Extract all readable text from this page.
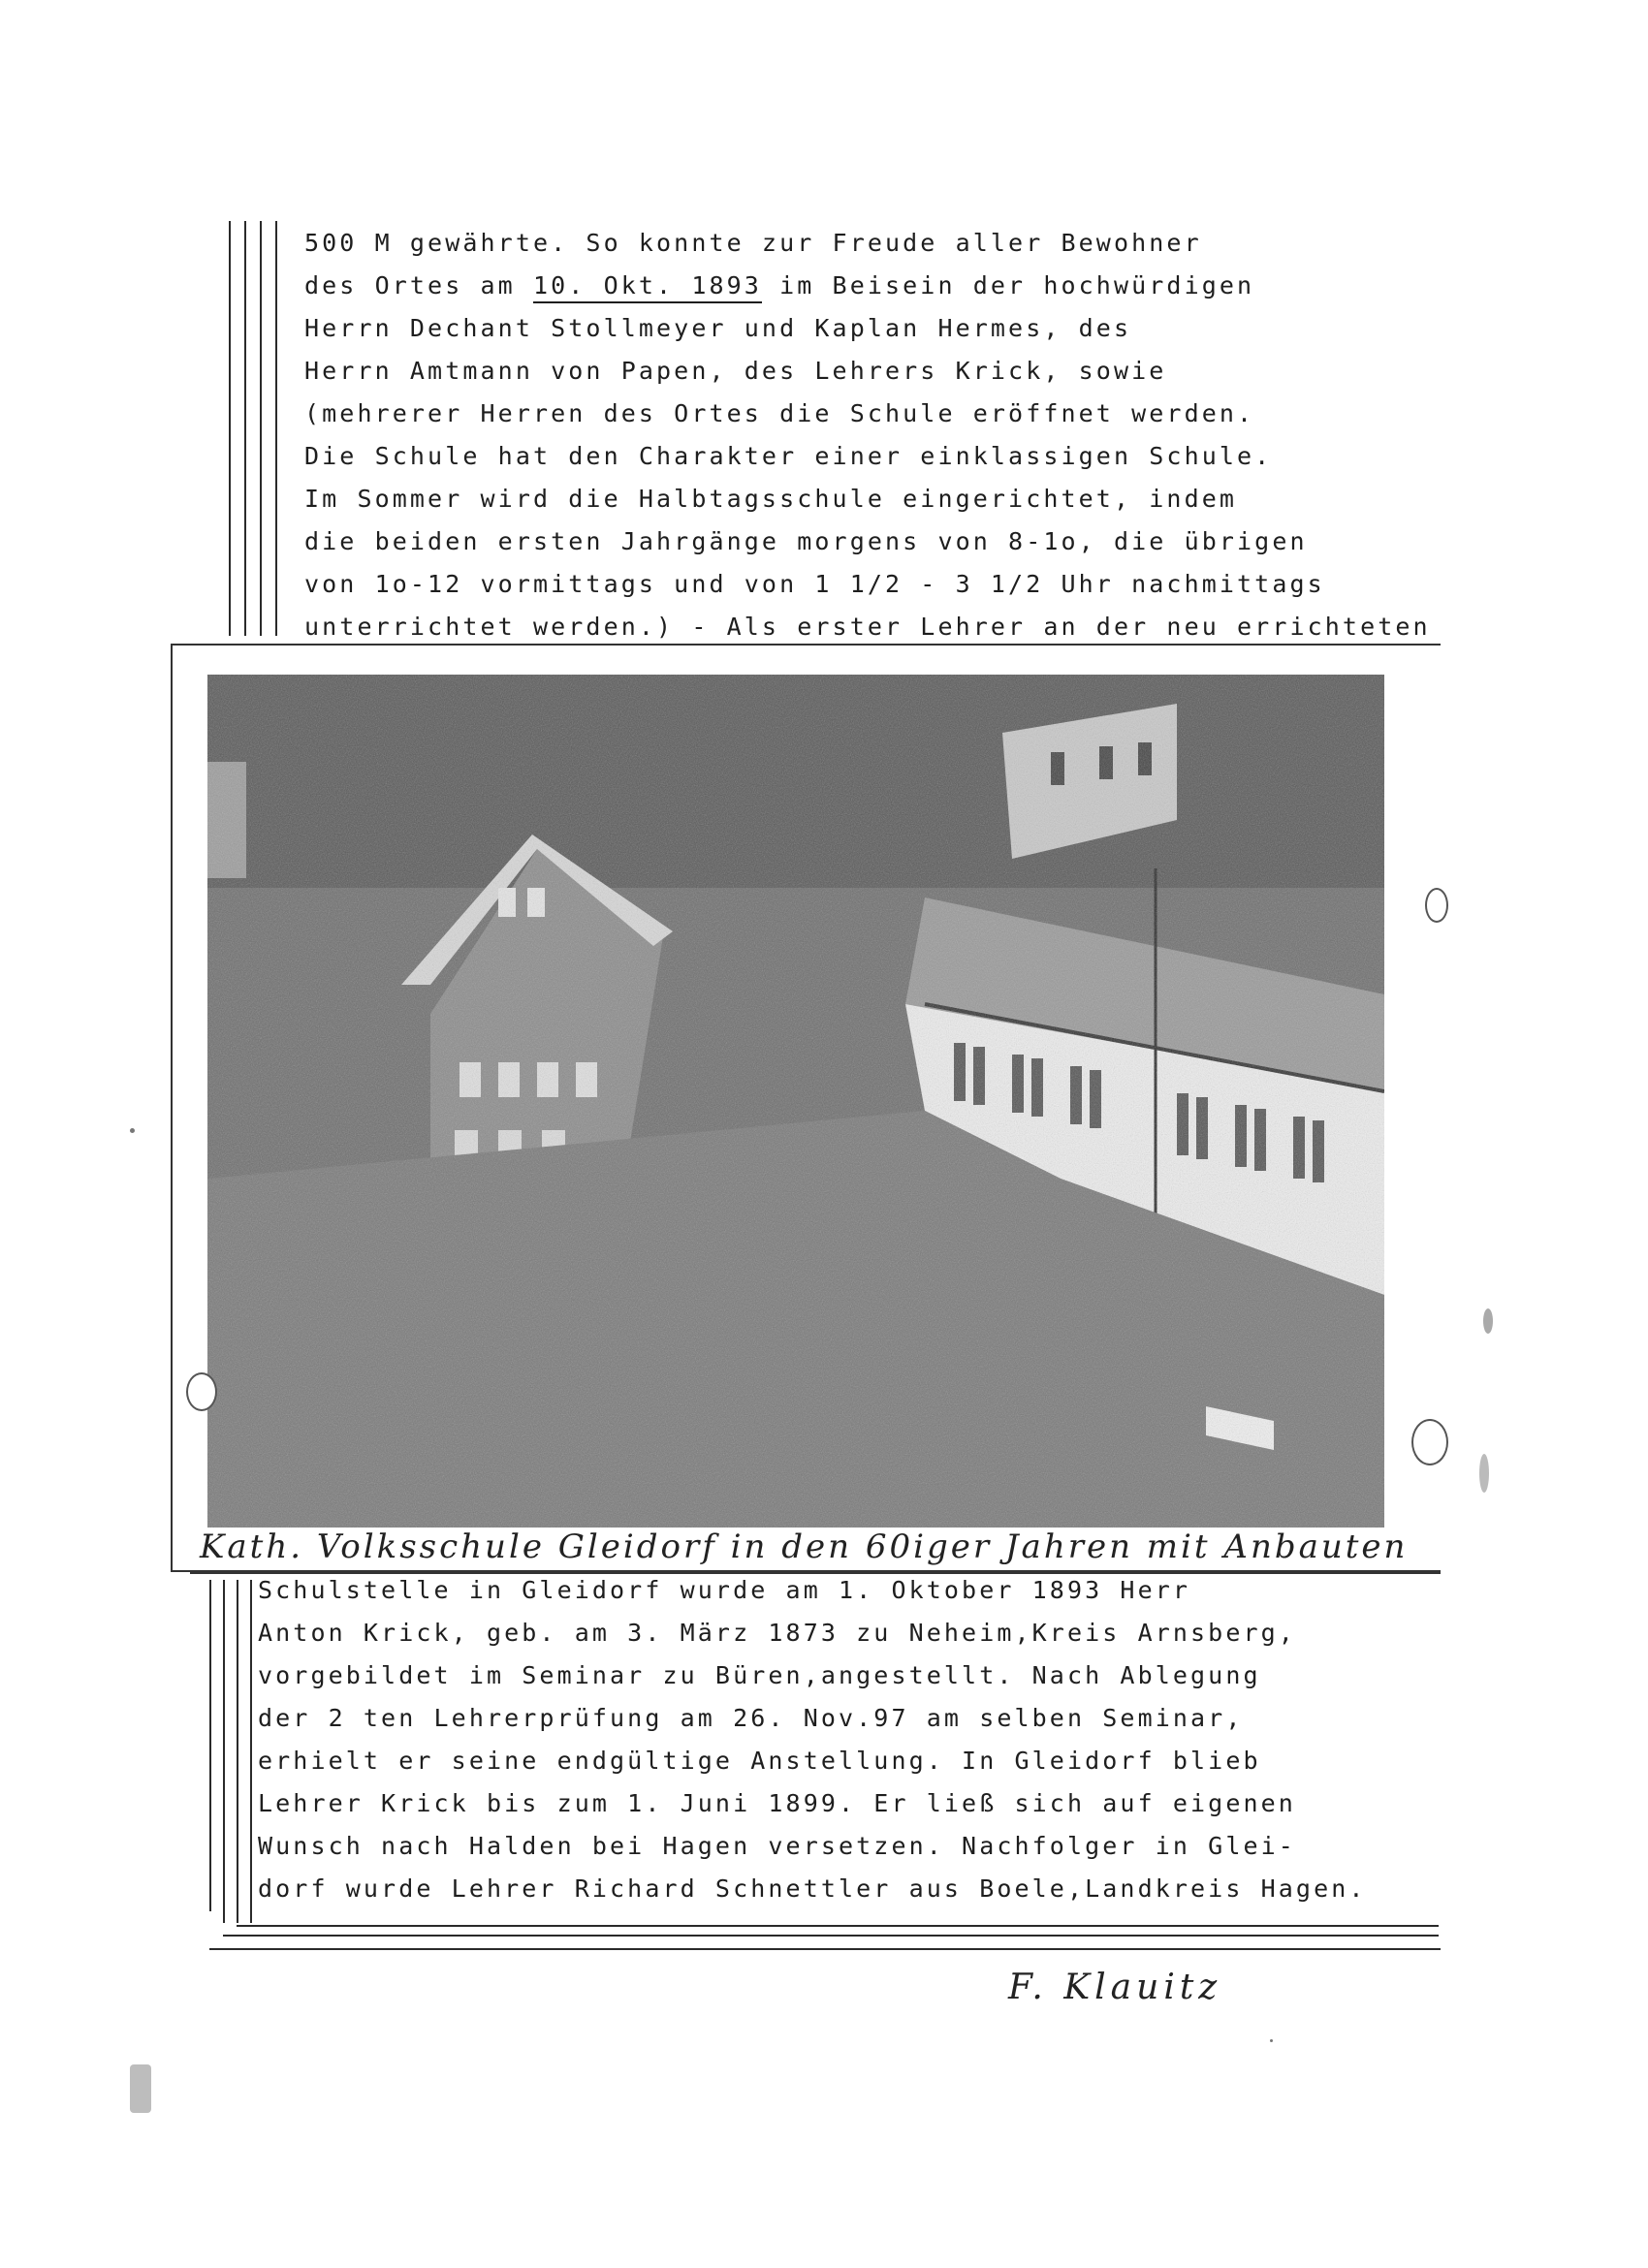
500 M gewährte. So konnte zur Freude aller Bewohner
des Ortes am 10. Okt. 1893 im Beisein der hochwürdigen
Herrn Dechant Stollmeyer und Kaplan Hermes, des
Herrn Amtmann von Papen, des Lehrers Krick, sowie
(mehrerer Herren des Ortes die Schule eröffnet werden.
Die Schule hat den Charakter einer einklassigen Schule.
Im Sommer wird die Halbtagsschule eingerichtet, indem
die beiden ersten Jahrgänge morgens von 8-1o, die übrigen
von 1o-12 vormittags und von 1 1/2 - 3 1/2 Uhr nachmittags
unterrichtet werden.) - Als erster Lehrer an der neu errichteten
Kath. Volksschule Gleidorf in den 60iger Jahren mit Anbauten
Schulstelle in Gleidorf wurde am 1. Oktober 1893 Herr
Anton Krick, geb. am 3. März 1873 zu Neheim,Kreis Arnsberg,
vorgebildet im Seminar zu Büren,angestellt. Nach Ablegung
der 2 ten Lehrerprüfung am 26. Nov.97 am selben Seminar,
erhielt er seine endgültige Anstellung. In Gleidorf blieb
Lehrer Krick bis zum 1. Juni 1899. Er ließ sich auf eigenen
Wunsch nach Halden bei Hagen versetzen. Nachfolger in Glei-
dorf wurde Lehrer Richard Schnettler aus Boele,Landkreis Hagen.
F. Klauitz
